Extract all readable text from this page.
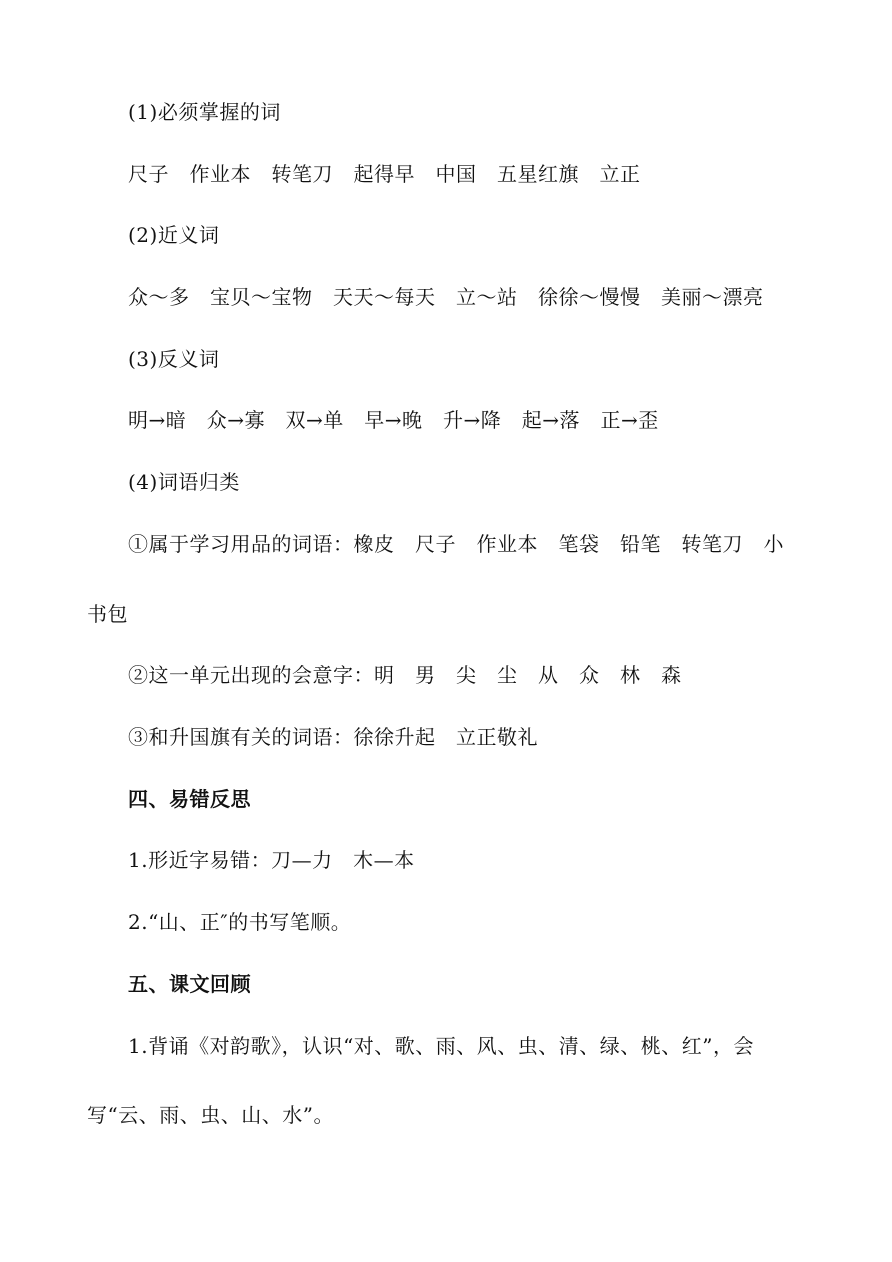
(1)必须掌握的词
尺子　作业本　转笔刀　起得早　中国　五星红旗　立正
(2)近义词
众～多　宝贝～宝物　天天～每天　立～站　徐徐～慢慢　美丽～漂亮
(3)反义词
明→暗　众→寡　双→单　早→晚　升→降　起→落　正→歪
(4)词语归类
①属于学习用品的词语：橡皮　尺子　作业本　笔袋　铅笔　转笔刀　小
书包
②这一单元出现的会意字：明　男　尖　尘　从　众　林　森
③和升国旗有关的词语：徐徐升起　立正敬礼
四、易错反思
1.形近字易错：刀—力　木—本
2.“山、正″的书写笔顺。
五、课文回顾
1.背诵《对韵歌》，认识“对、歌、雨、风、虫、清、绿、桃、红”，会
写“云、雨、虫、山、水”。
